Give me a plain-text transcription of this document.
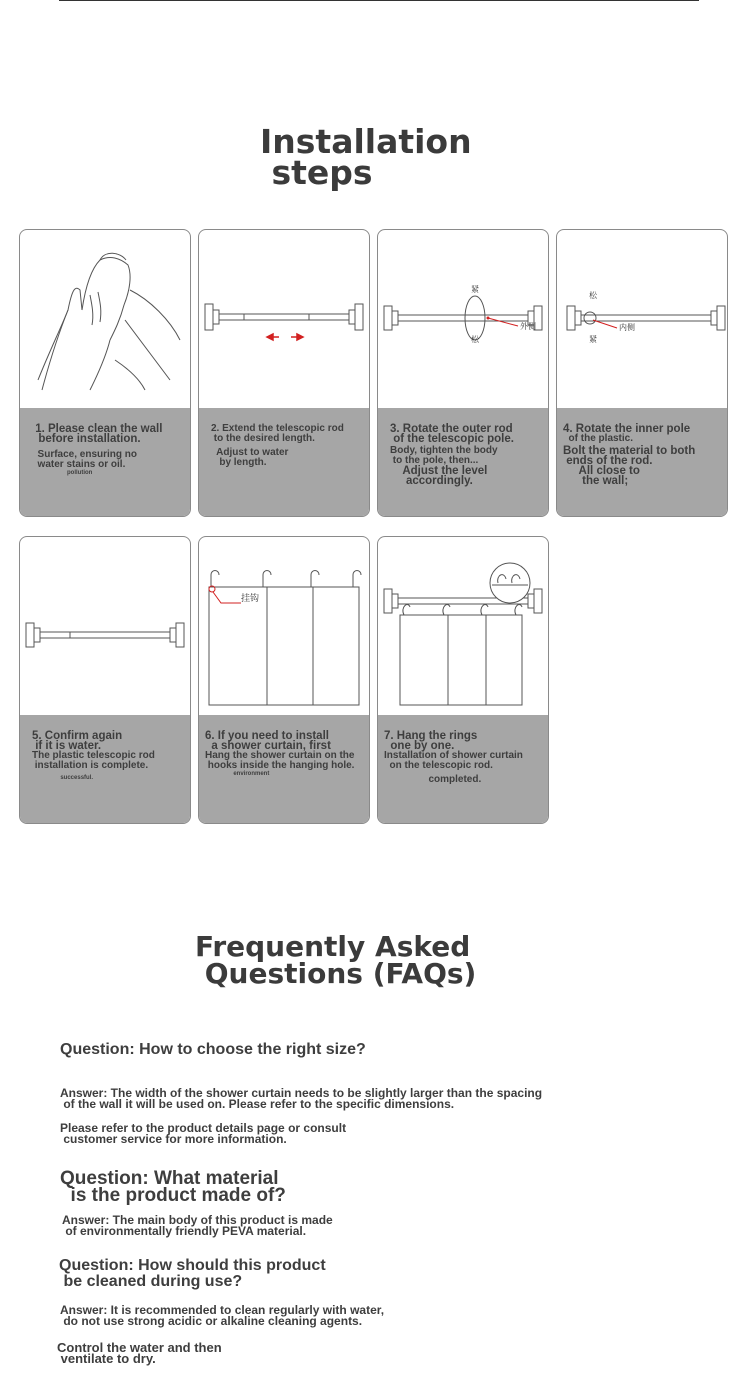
Installation
steps
1. Please clean the wall
before installation.
Surface, ensuring no
water stains or oil.
pollution
2. Extend the telescopic rod
to the desired length.
Adjust to water
by length.
紧
松
外侧
3. Rotate the outer rod
of the telescopic pole.
Body, tighten the body
to the pole, then...
Adjust the level
accordingly.
松
紧
内侧
4. Rotate the inner pole
of the plastic.
Bolt the material to both
ends of the rod.
All close to
the wall;
5. Confirm again
if it is water.
The plastic telescopic rod
installation is complete.
successful.
挂钩
6. If you need to install
a shower curtain, first
Hang the shower curtain on the
hooks inside the hanging hole.
environment
7. Hang the rings
one by one.
Installation of shower curtain
on the telescopic rod.
completed.
Frequently Asked
Questions (FAQs)
Question: How to choose the right size?
Answer: The width of the shower curtain needs to be slightly larger than the spacing
of the wall it will be used on. Please refer to the specific dimensions.
Please refer to the product details page or consult
customer service for more information.
Question: What material
is the product made of?
Answer: The main body of this product is made
of environmentally friendly PEVA material.
Question: How should this product
be cleaned during use?
Answer: It is recommended to clean regularly with water,
do not use strong acidic or alkaline cleaning agents.
Control the water and then
ventilate to dry.
